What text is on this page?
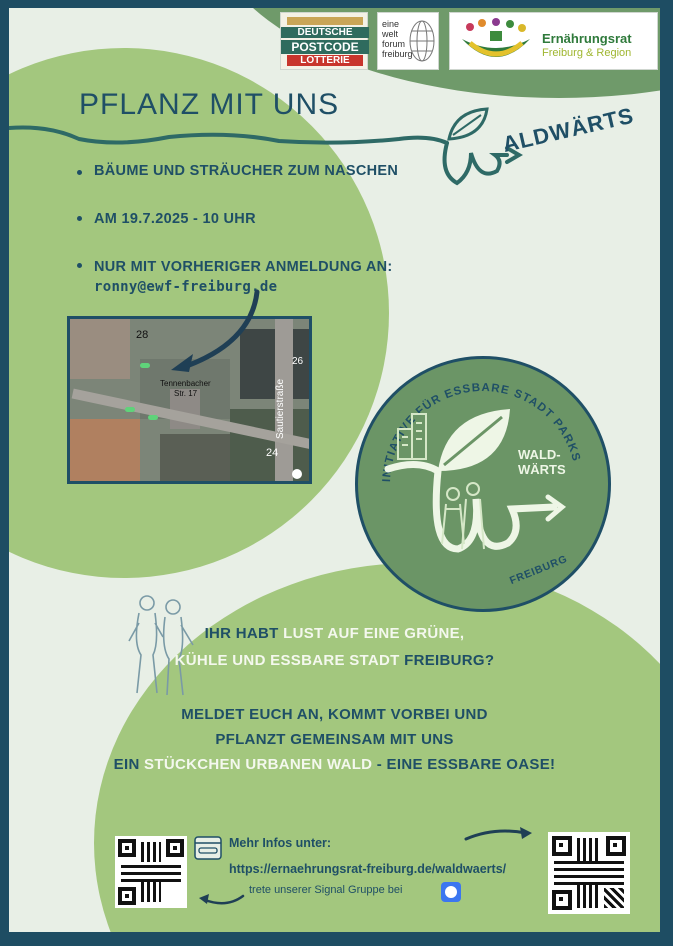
DEUTSCHE
POSTCODE
LOTTERIE
eine
welt
forum
freiburg
Ernährungsrat
Freiburg & Region
PFLANZ MIT UNS	ALDWÄRTS
BÄUME UND STRÄUCHER ZUM NASCHEN
AM 19.7.2025 - 10 UHR
NUR MIT VORHERIGER ANMELDUNG AN:
ronny@ewf-freiburg.de
28
26
24
Tennenbacher
Str. 17	Sautierstraße
INITIATIVE FÜR ESSBARE STADT PARKS
WALD-
WÄRTS
FREIBURG
IHR HABT LUST AUF EINE GRÜNE,
KÜHLE UND ESSBARE STADT FREIBURG?
MELDET EUCH AN, KOMMT VORBEI UND
PFLANZT GEMEINSAM MIT UNS
EIN STÜCKCHEN URBANEN WALD - EINE ESSBARE OASE!
Mehr Infos unter:
https://ernaehrungsrat-freiburg.de/waldwaerts/
trete unserer Signal Gruppe bei
